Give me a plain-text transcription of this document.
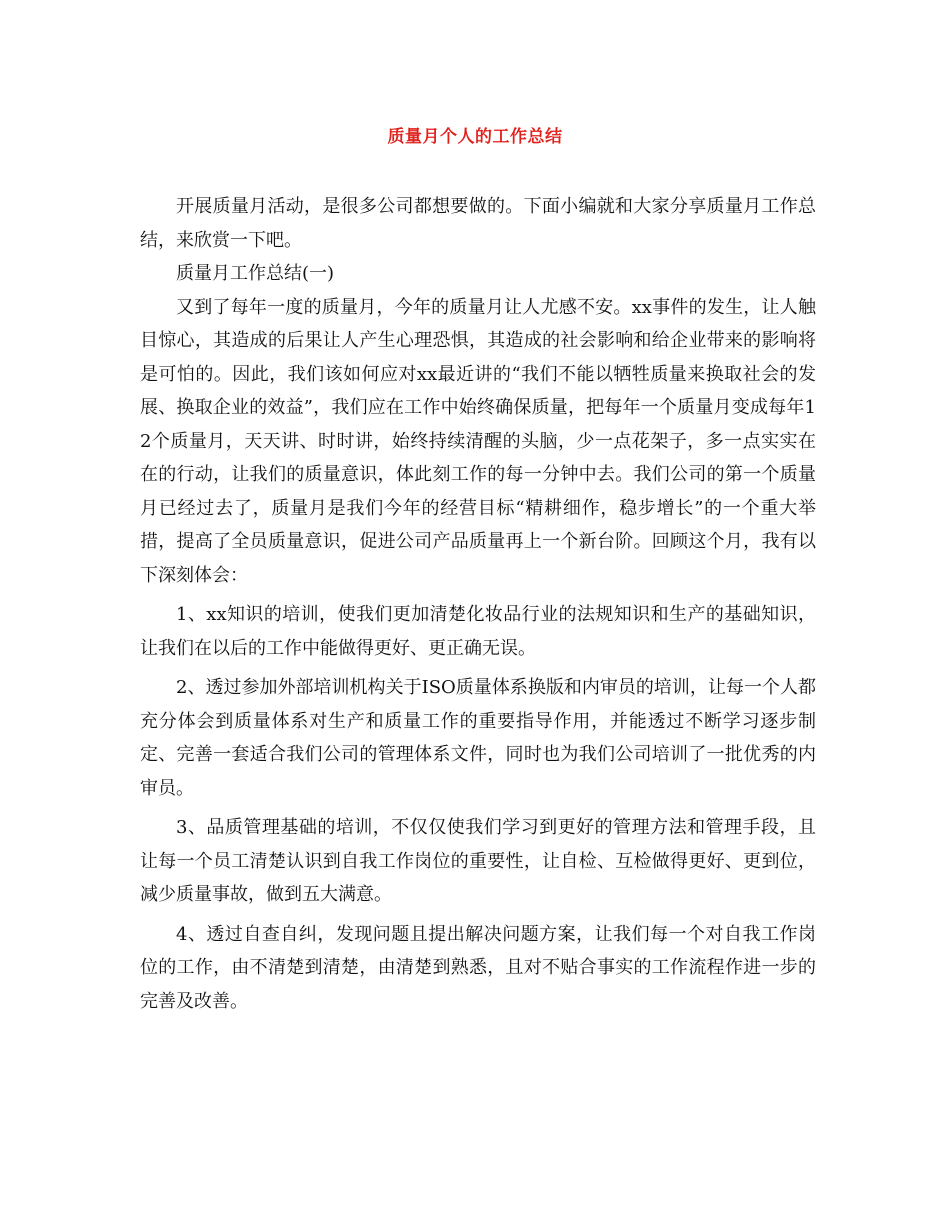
质量月个人的工作总结

开展质量月活动，是很多公司都想要做的。下面小编就和大家分享质量月工作总结，来欣赏一下吧。

质量月工作总结(一)

又到了每年一度的质量月，今年的质量月让人尤感不安。xx事件的发生，让人触目惊心，其造成的后果让人产生心理恐惧，其造成的社会影响和给企业带来的影响将是可怕的。因此，我们该如何应对xx最近讲的“我们不能以牺牲质量来换取社会的发展、换取企业的效益”，我们应在工作中始终确保质量，把每年一个质量月变成每年12个质量月，天天讲、时时讲，始终持续清醒的头脑，少一点花架子，多一点实实在在的行动，让我们的质量意识，体此刻工作的每一分钟中去。我们公司的第一个质量月已经过去了，质量月是我们今年的经营目标“精耕细作，稳步增长”的一个重大举措，提高了全员质量意识，促进公司产品质量再上一个新台阶。回顾这个月，我有以下深刻体会：

1、xx知识的培训，使我们更加清楚化妆品行业的法规知识和生产的基础知识，让我们在以后的工作中能做得更好、更正确无误。

2、透过参加外部培训机构关于ISO质量体系换版和内审员的培训，让每一个人都充分体会到质量体系对生产和质量工作的重要指导作用，并能透过不断学习逐步制定、完善一套适合我们公司的管理体系文件，同时也为我们公司培训了一批优秀的内审员。

3、品质管理基础的培训，不仅仅使我们学习到更好的管理方法和管理手段，且让每一个员工清楚认识到自我工作岗位的重要性，让自检、互检做得更好、更到位，减少质量事故，做到五大满意。

4、透过自查自纠，发现问题且提出解决问题方案，让我们每一个对自我工作岗位的工作，由不清楚到清楚，由清楚到熟悉，且对不贴合事实的工作流程作进一步的完善及改善。
